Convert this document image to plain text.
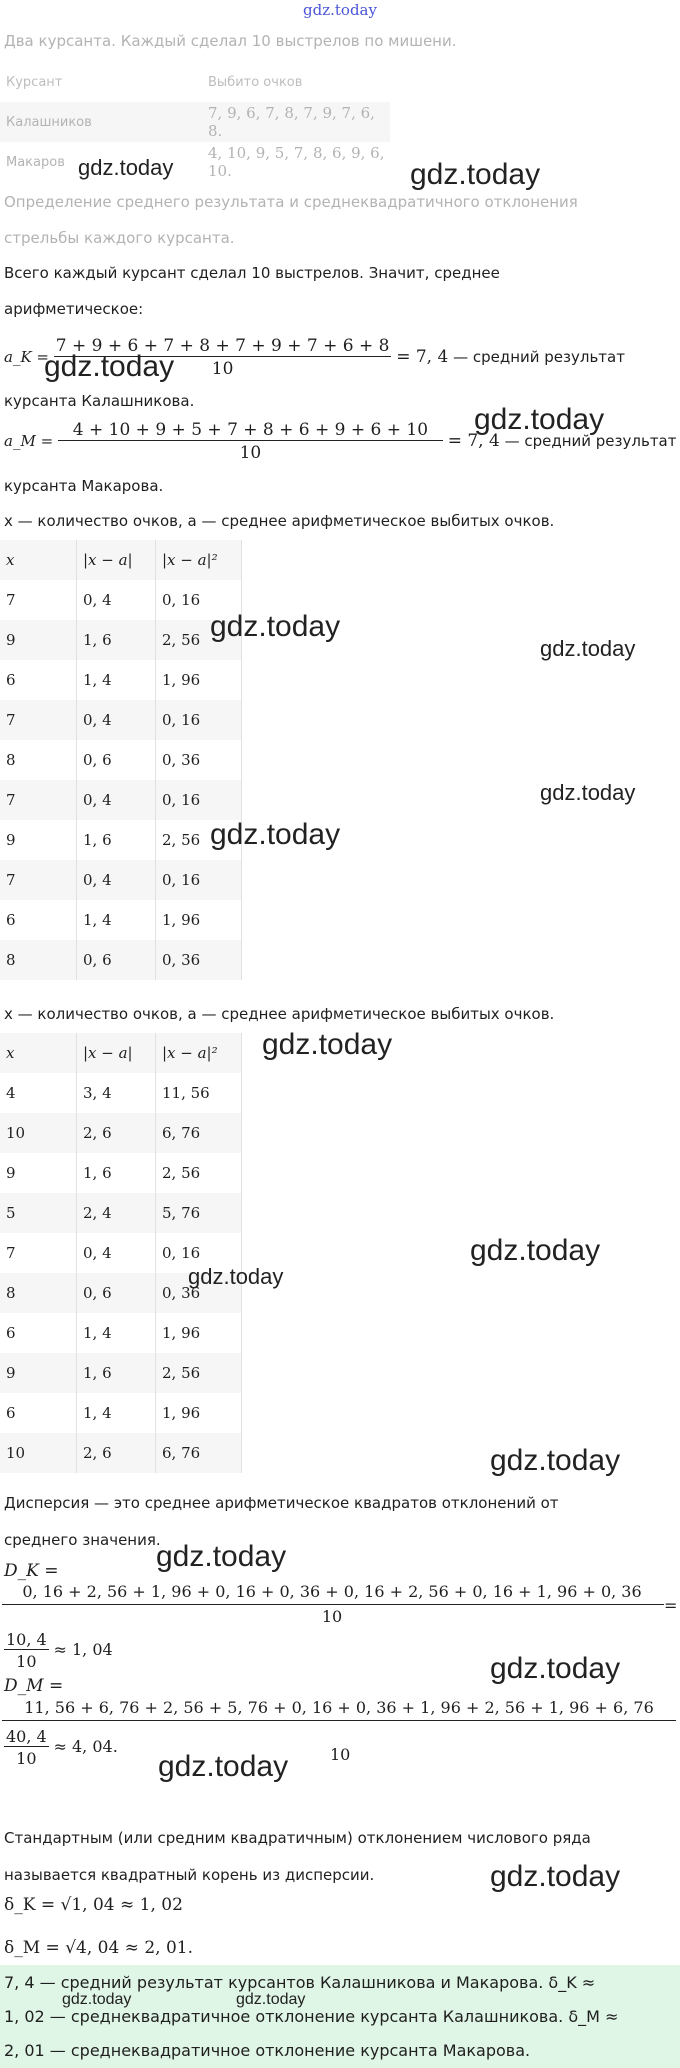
gdz.today
Два курсанта. Каждый сделал 10 выстрелов по мишени.
Курсант	Выбито очков
Калашников	7, 9, 6, 7, 8, 7, 9, 7, 6, 8.
Макаров	4, 10, 9, 5, 7, 8, 6, 9, 6, 10.
Определение среднего результата и среднеквадратичного отклонения
стрельбы каждого курсанта.
Всего каждый курсант сделал 10 выстрелов. Значит, среднее
арифметическое:
a_K = $\frac{7 + 9 + 6 + 7 + 8 + 7 + 9 + 7 + 6 + 8}{10} = 7$, 4 — средний результат
курсанта Калашникова.
a_M = $\frac{4 + 10 + 9 + 5 + 7 + 8 + 6 + 9 + 6 + 10}{10} = 7$, 4 — средний результат
курсанта Макарова.
x — количество очков, a — среднее арифметическое выбитых очков.
x	|x − a|	|x − a|²
7	0, 4	0, 16
9	1, 6	2, 56
6	1, 4	1, 96
7	0, 4	0, 16
8	0, 6	0, 36
7	0, 4	0, 16
9	1, 6	2, 56
7	0, 4	0, 16
6	1, 4	1, 96
8	0, 6	0, 36
x — количество очков, a — среднее арифметическое выбитых очков.
x	|x − a|	|x − a|²
4	3, 4	11, 56
10	2, 6	6, 76
9	1, 6	2, 56
5	2, 4	5, 76
7	0, 4	0, 16
8	0, 6	0, 36
6	1, 4	1, 96
9	1, 6	2, 56
6	1, 4	1, 96
10	2, 6	6, 76
Дисперсия — это среднее арифметическое квадратов отклонений от
среднего значения.
D_K =
0, 16 + 2, 56 + 1, 96 + 0, 16 + 0, 36 + 0, 16 + 2, 56 + 0, 16 + 1, 96 + 0, 36
=
10
$\frac{10, 4}{10} \approx 1$, 04
D_M =
11, 56 + 6, 76 + 2, 56 + 5, 76 + 0, 16 + 0, 36 + 1, 96 + 2, 56 + 1, 96 + 6, 76
10
$\frac{40, 4}{10} \approx 4$, 04.
Стандартным (или средним квадратичным) отклонением числового ряда
называется квадратный корень из дисперсии.
δ_K = √1, 04 ≈ 1, 02
δ_M = √4, 04 ≈ 2, 01.
7, 4 — средний результат курсантов Калашникова и Макарова. δ_K ≈
1, 02 — среднеквадратичное отклонение курсанта Калашникова. δ_M ≈
2, 01 — среднеквадратичное отклонение курсанта Макарова.
gdz.today	gdz.today
gdz.today
gdz.today
gdz.today
gdz.today
gdz.today
gdz.today
gdz.today
gdz.today
gdz.today
gdz.today
gdz.today
gdz.today
gdz.today
gdz.today
gdz.today	gdz.today
